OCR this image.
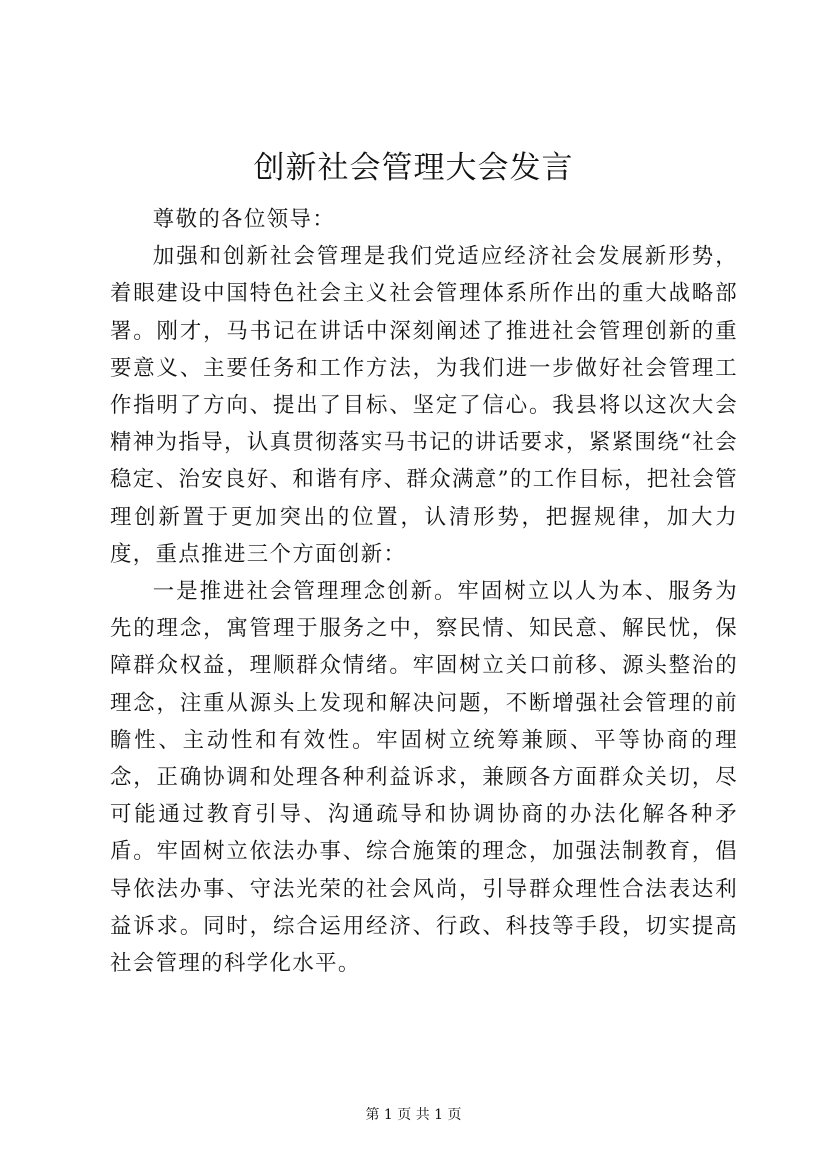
创新社会管理大会发言

尊敬的各位领导：

加强和创新社会管理是我们党适应经济社会发展新形势，着眼建设中国特色社会主义社会管理体系所作出的重大战略部署。刚才，马书记在讲话中深刻阐述了推进社会管理创新的重要意义、主要任务和工作方法，为我们进一步做好社会管理工作指明了方向、提出了目标、坚定了信心。我县将以这次大会精神为指导，认真贯彻落实马书记的讲话要求，紧紧围绕“社会稳定、治安良好、和谐有序、群众满意”的工作目标，把社会管理创新置于更加突出的位置，认清形势，把握规律，加大力度，重点推进三个方面创新：

一是推进社会管理理念创新。牢固树立以人为本、服务为先的理念，寓管理于服务之中，察民情、知民意、解民忧，保障群众权益，理顺群众情绪。牢固树立关口前移、源头整治的理念，注重从源头上发现和解决问题，不断增强社会管理的前瞻性、主动性和有效性。牢固树立统筹兼顾、平等协商的理念，正确协调和处理各种利益诉求，兼顾各方面群众关切，尽可能通过教育引导、沟通疏导和协调协商的办法化解各种矛盾。牢固树立依法办事、综合施策的理念，加强法制教育，倡导依法办事、守法光荣的社会风尚，引导群众理性合法表达利益诉求。同时，综合运用经济、行政、科技等手段，切实提高社会管理的科学化水平。

第 1 页 共 1 页
